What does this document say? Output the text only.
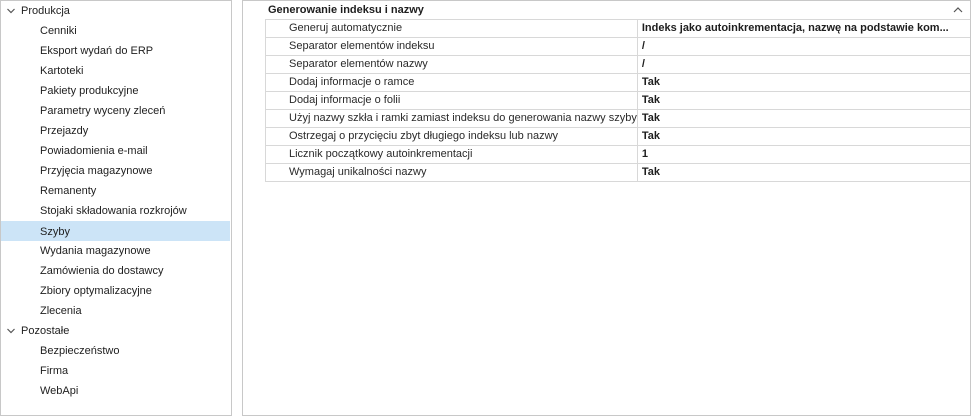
Produkcja
Cenniki
Eksport wydań do ERP
Kartoteki
Pakiety produkcyjne
Parametry wyceny zleceń
Przejazdy
Powiadomienia e-mail
Przyjęcia magazynowe
Remanenty
Stojaki składowania rozkrojów
Szyby
Wydania magazynowe
Zamówienia do dostawcy
Zbiory optymalizacyjne
Zlecenia
Pozostałe
Bezpieczeństwo
Firma
WebApi
Generowanie indeksu i nazwy
Generuj automatycznie	Indeks jako autoinkrementacja, nazwę na podstawie kom...
Separator elementów indeksu	/
Separator elementów nazwy	/
Dodaj informacje o ramce	Tak
Dodaj informacje o folii	Tak
Użyj nazwy szkła i ramki zamiast indeksu do generowania nazwy szyby	Tak
Ostrzegaj o przycięciu zbyt długiego indeksu lub nazwy	Tak
Licznik początkowy autoinkrementacji	1
Wymagaj unikalności nazwy	Tak
